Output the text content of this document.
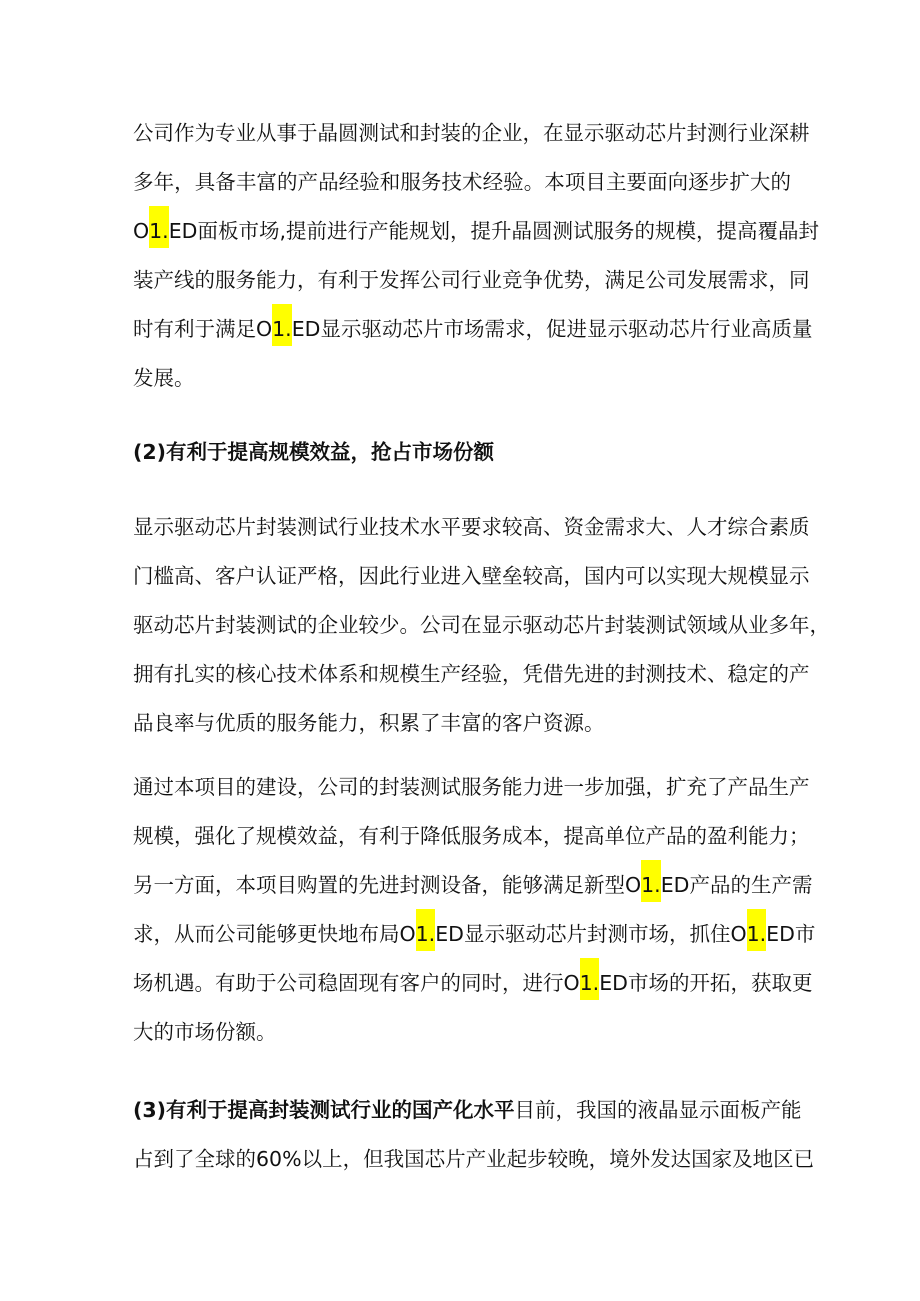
公司作为专业从事于晶圆测试和封装的企业，在显示驱动芯片封测行业深耕
多年，具备丰富的产品经验和服务技术经验。本项目主要面向逐步扩大的
O1.ED面板市场,提前进行产能规划，提升晶圆测试服务的规模，提高覆晶封
装产线的服务能力，有利于发挥公司行业竞争优势，满足公司发展需求，同
时有利于满足O1.ED显示驱动芯片市场需求，促进显示驱动芯片行业高质量
发展。
(2)有利于提高规模效益，抢占市场份额
显示驱动芯片封装测试行业技术水平要求较高、资金需求大、人才综合素质
门槛高、客户认证严格，因此行业进入壁垒较高，国内可以实现大规模显示
驱动芯片封装测试的企业较少。公司在显示驱动芯片封装测试领域从业多年，
拥有扎实的核心技术体系和规模生产经验，凭借先进的封测技术、稳定的产
品良率与优质的服务能力，积累了丰富的客户资源。
通过本项目的建设，公司的封装测试服务能力进一步加强，扩充了产品生产
规模，强化了规模效益，有利于降低服务成本，提高单位产品的盈利能力；
另一方面，本项目购置的先进封测设备，能够满足新型O1.ED产品的生产需
求，从而公司能够更快地布局O1.ED显示驱动芯片封测市场，抓住O1.ED市
场机遇。有助于公司稳固现有客户的同时，进行O1.ED市场的开拓，获取更
大的市场份额。
(3)有利于提高封装测试行业的国产化水平目前，我国的液晶显示面板产能
占到了全球的60%以上，但我国芯片产业起步较晚，境外发达国家及地区已
